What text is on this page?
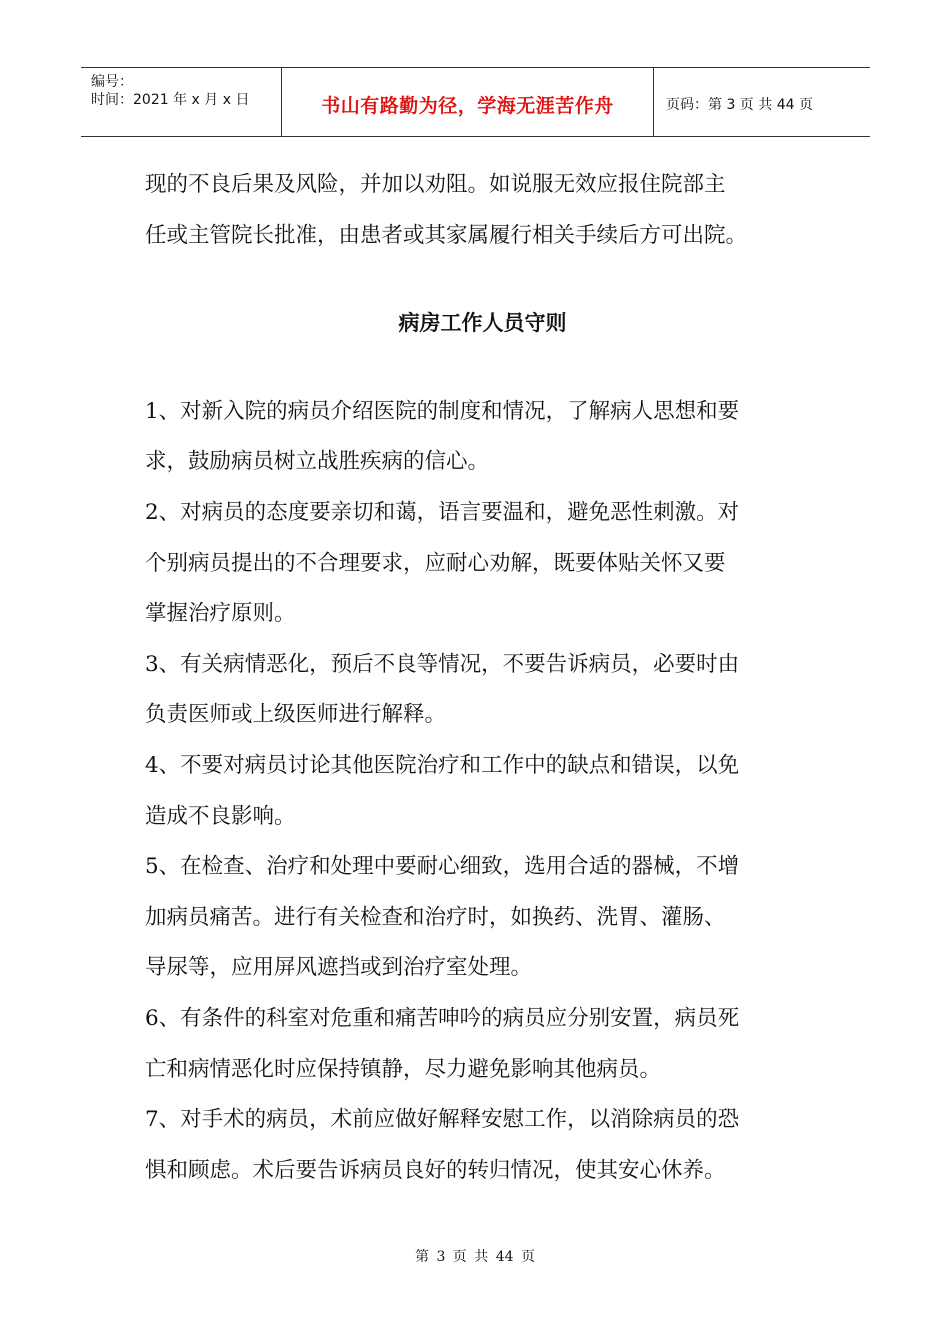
编号：
时间：2021 年 x 月 x 日	书山有路勤为径，学海无涯苦作舟	页码：第 3 页 共 44 页

现的不良后果及风险，并加以劝阻。如说服无效应报住院部主

任或主管院长批准，由患者或其家属履行相关手续后方可出院。

病房工作人员守则

1、对新入院的病员介绍医院的制度和情况，了解病人思想和要

求，鼓励病员树立战胜疾病的信心。

2、对病员的态度要亲切和蔼，语言要温和，避免恶性刺激。对

个别病员提出的不合理要求，应耐心劝解，既要体贴关怀又要

掌握治疗原则。

3、有关病情恶化，预后不良等情况，不要告诉病员，必要时由

负责医师或上级医师进行解释。

4、不要对病员讨论其他医院治疗和工作中的缺点和错误，以免

造成不良影响。

5、在检查、治疗和处理中要耐心细致，选用合适的器械，不增

加病员痛苦。进行有关检查和治疗时，如换药、洗胃、灌肠、

导尿等，应用屏风遮挡或到治疗室处理。

6、有条件的科室对危重和痛苦呻吟的病员应分别安置，病员死

亡和病情恶化时应保持镇静，尽力避免影响其他病员。

7、对手术的病员，术前应做好解释安慰工作，以消除病员的恐

惧和顾虑。术后要告诉病员良好的转归情况，使其安心休养。

第 3 页 共 44 页
